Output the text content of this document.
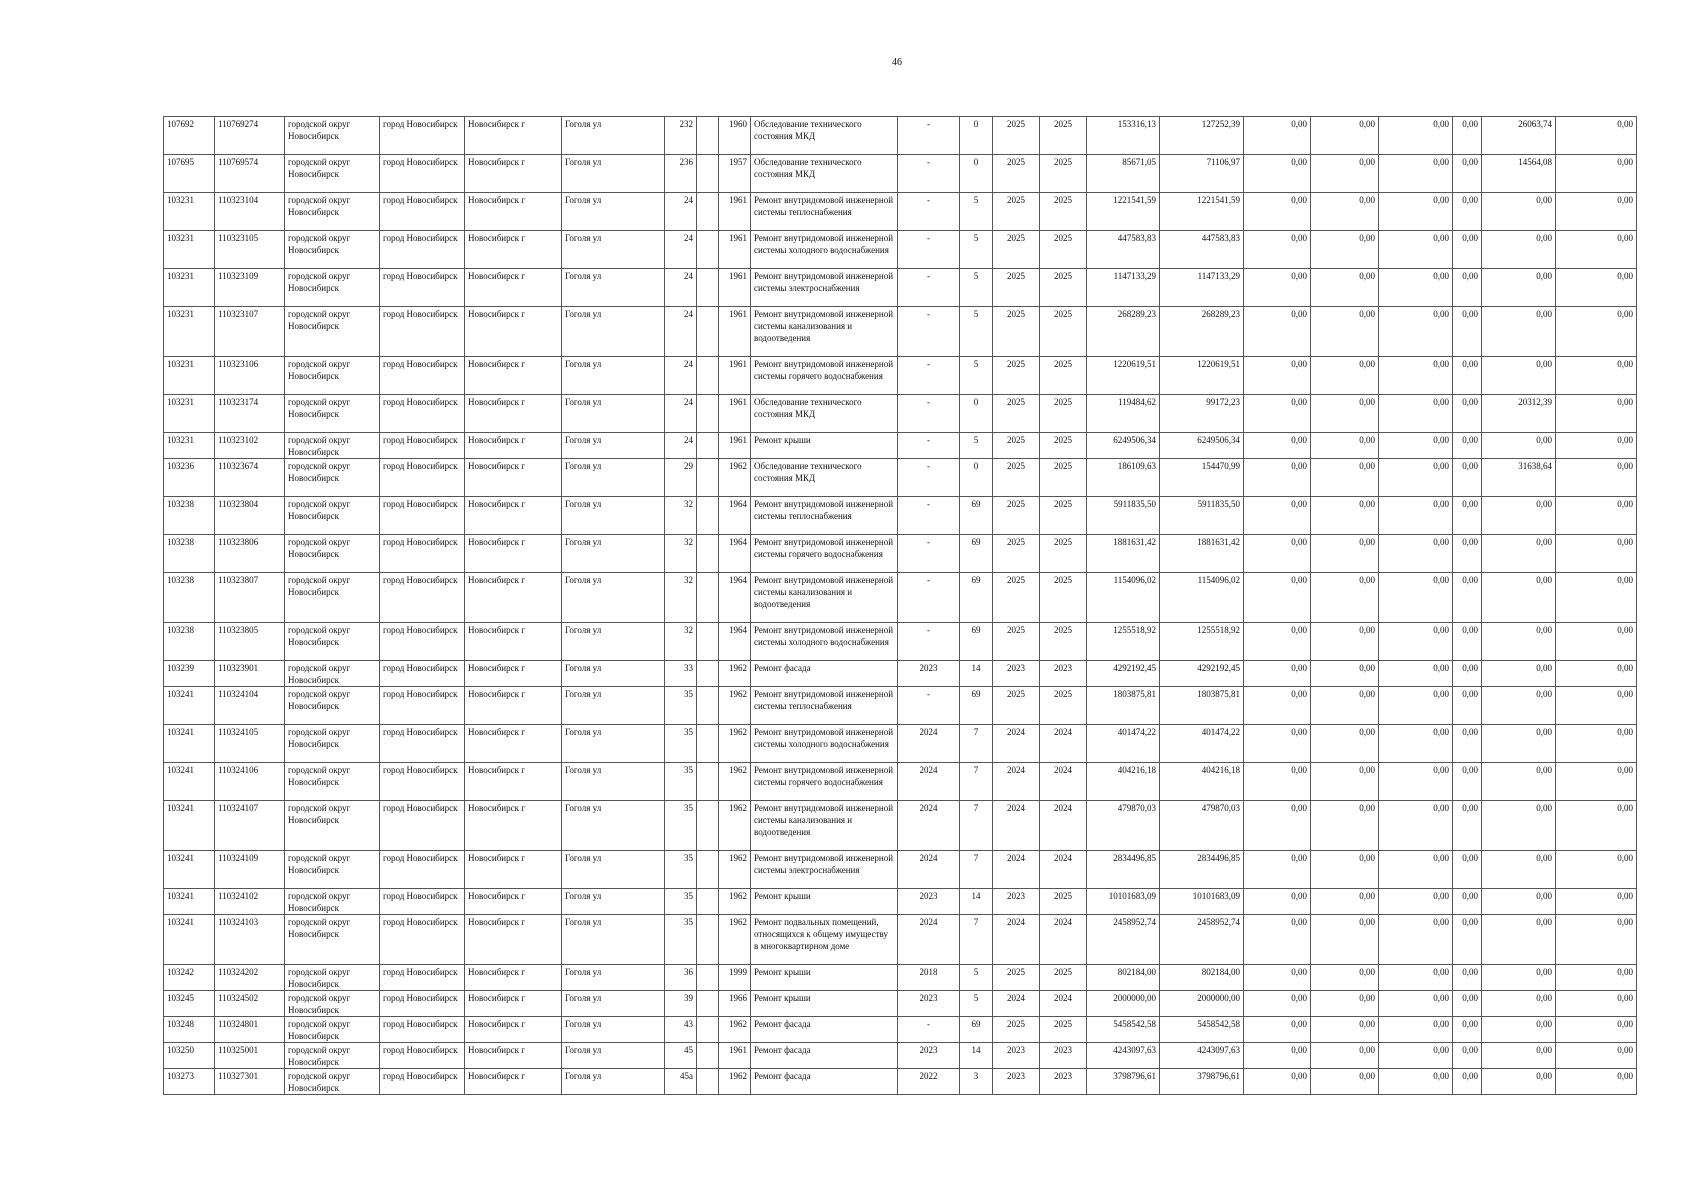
46
107692	110769274	городской округ Новосибирск	город Новосибирск	Новосибирск г	Гоголя ул	232		1960	Обследование технического состояния МКД	-	0	2025	2025	153316,13	127252,39	0,00	0,00	0,00	0,00	26063,74	0,00
107695	110769574	городской округ Новосибирск	город Новосибирск	Новосибирск г	Гоголя ул	236		1957	Обследование технического состояния МКД	-	0	2025	2025	85671,05	71106,97	0,00	0,00	0,00	0,00	14564,08	0,00
103231	110323104	городской округ Новосибирск	город Новосибирск	Новосибирск г	Гоголя ул	24		1961	Ремонт внутридомовой инженерной системы теплоснабжения	-	5	2025	2025	1221541,59	1221541,59	0,00	0,00	0,00	0,00	0,00	0,00
103231	110323105	городской округ Новосибирск	город Новосибирск	Новосибирск г	Гоголя ул	24		1961	Ремонт внутридомовой инженерной системы холодного водоснабжения	-	5	2025	2025	447583,83	447583,83	0,00	0,00	0,00	0,00	0,00	0,00
103231	110323109	городской округ Новосибирск	город Новосибирск	Новосибирск г	Гоголя ул	24		1961	Ремонт внутридомовой инженерной системы электроснабжения	-	5	2025	2025	1147133,29	1147133,29	0,00	0,00	0,00	0,00	0,00	0,00
103231	110323107	городской округ Новосибирск	город Новосибирск	Новосибирск г	Гоголя ул	24		1961	Ремонт внутридомовой инженерной системы канализования и водоотведения	-	5	2025	2025	268289,23	268289,23	0,00	0,00	0,00	0,00	0,00	0,00
103231	110323106	городской округ Новосибирск	город Новосибирск	Новосибирск г	Гоголя ул	24		1961	Ремонт внутридомовой инженерной системы горячего водоснабжения	-	5	2025	2025	1220619,51	1220619,51	0,00	0,00	0,00	0,00	0,00	0,00
103231	110323174	городской округ Новосибирск	город Новосибирск	Новосибирск г	Гоголя ул	24		1961	Обследование технического состояния МКД	-	0	2025	2025	119484,62	99172,23	0,00	0,00	0,00	0,00	20312,39	0,00
103231	110323102	городской округ Новосибирск	город Новосибирск	Новосибирск г	Гоголя ул	24		1961	Ремонт крыши	-	5	2025	2025	6249506,34	6249506,34	0,00	0,00	0,00	0,00	0,00	0,00
103236	110323674	городской округ Новосибирск	город Новосибирск	Новосибирск г	Гоголя ул	29		1962	Обследование технического состояния МКД	-	0	2025	2025	186109,63	154470,99	0,00	0,00	0,00	0,00	31638,64	0,00
103238	110323804	городской округ Новосибирск	город Новосибирск	Новосибирск г	Гоголя ул	32		1964	Ремонт внутридомовой инженерной системы теплоснабжения	-	69	2025	2025	5911835,50	5911835,50	0,00	0,00	0,00	0,00	0,00	0,00
103238	110323806	городской округ Новосибирск	город Новосибирск	Новосибирск г	Гоголя ул	32		1964	Ремонт внутридомовой инженерной системы горячего водоснабжения	-	69	2025	2025	1881631,42	1881631,42	0,00	0,00	0,00	0,00	0,00	0,00
103238	110323807	городской округ Новосибирск	город Новосибирск	Новосибирск г	Гоголя ул	32		1964	Ремонт внутридомовой инженерной системы канализования и водоотведения	-	69	2025	2025	1154096,02	1154096,02	0,00	0,00	0,00	0,00	0,00	0,00
103238	110323805	городской округ Новосибирск	город Новосибирск	Новосибирск г	Гоголя ул	32		1964	Ремонт внутридомовой инженерной системы холодного водоснабжения	-	69	2025	2025	1255518,92	1255518,92	0,00	0,00	0,00	0,00	0,00	0,00
103239	110323901	городской округ Новосибирск	город Новосибирск	Новосибирск г	Гоголя ул	33		1962	Ремонт фасада	2023	14	2023	2023	4292192,45	4292192,45	0,00	0,00	0,00	0,00	0,00	0,00
103241	110324104	городской округ Новосибирск	город Новосибирск	Новосибирск г	Гоголя ул	35		1962	Ремонт внутридомовой инженерной системы теплоснабжения	-	69	2025	2025	1803875,81	1803875,81	0,00	0,00	0,00	0,00	0,00	0,00
103241	110324105	городской округ Новосибирск	город Новосибирск	Новосибирск г	Гоголя ул	35		1962	Ремонт внутридомовой инженерной системы холодного водоснабжения	2024	7	2024	2024	401474,22	401474,22	0,00	0,00	0,00	0,00	0,00	0,00
103241	110324106	городской округ Новосибирск	город Новосибирск	Новосибирск г	Гоголя ул	35		1962	Ремонт внутридомовой инженерной системы горячего водоснабжения	2024	7	2024	2024	404216,18	404216,18	0,00	0,00	0,00	0,00	0,00	0,00
103241	110324107	городской округ Новосибирск	город Новосибирск	Новосибирск г	Гоголя ул	35		1962	Ремонт внутридомовой инженерной системы канализования и водоотведения	2024	7	2024	2024	479870,03	479870,03	0,00	0,00	0,00	0,00	0,00	0,00
103241	110324109	городской округ Новосибирск	город Новосибирск	Новосибирск г	Гоголя ул	35		1962	Ремонт внутридомовой инженерной системы электроснабжения	2024	7	2024	2024	2834496,85	2834496,85	0,00	0,00	0,00	0,00	0,00	0,00
103241	110324102	городской округ Новосибирск	город Новосибирск	Новосибирск г	Гоголя ул	35		1962	Ремонт крыши	2023	14	2023	2025	10101683,09	10101683,09	0,00	0,00	0,00	0,00	0,00	0,00
103241	110324103	городской округ Новосибирск	город Новосибирск	Новосибирск г	Гоголя ул	35		1962	Ремонт подвальных помещений, относящихся к общему имуществу в многоквартирном доме	2024	7	2024	2024	2458952,74	2458952,74	0,00	0,00	0,00	0,00	0,00	0,00
103242	110324202	городской округ Новосибирск	город Новосибирск	Новосибирск г	Гоголя ул	36		1999	Ремонт крыши	2018	5	2025	2025	802184,00	802184,00	0,00	0,00	0,00	0,00	0,00	0,00
103245	110324502	городской округ Новосибирск	город Новосибирск	Новосибирск г	Гоголя ул	39		1966	Ремонт крыши	2023	5	2024	2024	2000000,00	2000000,00	0,00	0,00	0,00	0,00	0,00	0,00
103248	110324801	городской округ Новосибирск	город Новосибирск	Новосибирск г	Гоголя ул	43		1962	Ремонт фасада	-	69	2025	2025	5458542,58	5458542,58	0,00	0,00	0,00	0,00	0,00	0,00
103250	110325001	городской округ Новосибирск	город Новосибирск	Новосибирск г	Гоголя ул	45		1961	Ремонт фасада	2023	14	2023	2023	4243097,63	4243097,63	0,00	0,00	0,00	0,00	0,00	0,00
103273	110327301	городской округ Новосибирск	город Новосибирск	Новосибирск г	Гоголя ул	45а		1962	Ремонт фасада	2022	3	2023	2023	3798796,61	3798796,61	0,00	0,00	0,00	0,00	0,00	0,00
